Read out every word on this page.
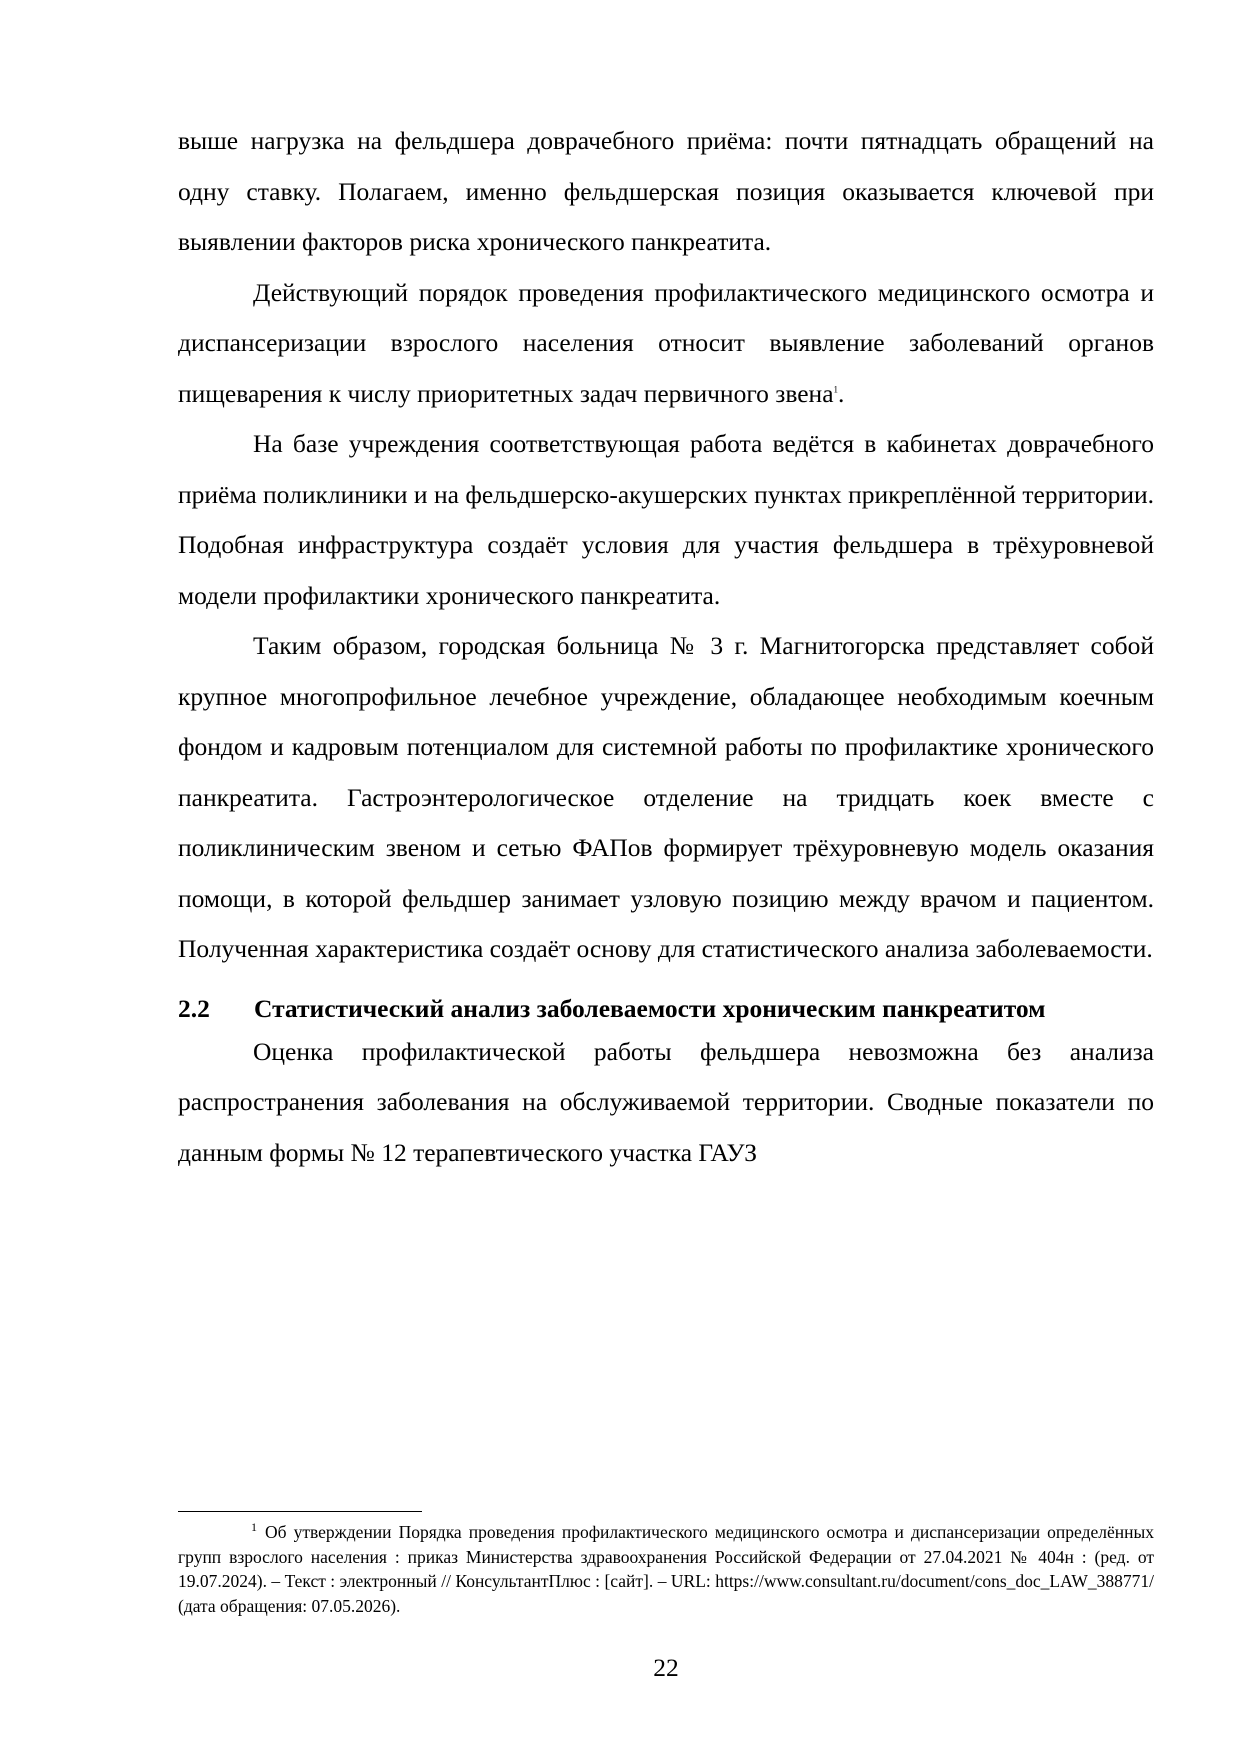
выше нагрузка на фельдшера доврачебного приёма: почти пятнадцать обращений на одну ставку. Полагаем, именно фельдшерская позиция оказывается ключевой при выявлении факторов риска хронического панкреатита.

Действующий порядок проведения профилактического медицинского осмотра и диспансеризации взрослого населения относит выявление заболеваний органов пищеварения к числу приоритетных задач первичного звена$^1$.

На базе учреждения соответствующая работа ведётся в кабинетах доврачебного приёма поликлиники и на фельдшерско-акушерских пунктах прикреплённой территории. Подобная инфраструктура создаёт условия для участия фельдшера в трёхуровневой модели профилактики хронического панкреатита.

Таким образом, городская больница № 3 г. Магнитогорска представляет собой крупное многопрофильное лечебное учреждение, обладающее необходимым коечным фондом и кадровым потенциалом для системной работы по профилактике хронического панкреатита. Гастроэнтерологическое отделение на тридцать коек вместе с поликлиническим звеном и сетью ФАПов формирует трёхуровневую модель оказания помощи, в которой фельдшер занимает узловую позицию между врачом и пациентом. Полученная характеристика создаёт основу для статистического анализа заболеваемости.

2.2 Статистический анализ заболеваемости хроническим панкреатитом

Оценка профилактической работы фельдшера невозможна без анализа распространения заболевания на обслуживаемой территории. Сводные показатели по данным формы № 12 терапевтического участка ГАУЗ

$^1$ Об утверждении Порядка проведения профилактического медицинского осмотра и диспансеризации определённых групп взрослого населения : приказ Министерства здравоохранения Российской Федерации от 27.04.2021 № 404н : (ред. от 19.07.2024). – Текст : электронный // КонсультантПлюс : [сайт]. – URL: https://www.consultant.ru/document/cons_doc_LAW_388771/ (дата обращения: 07.05.2026).

22
